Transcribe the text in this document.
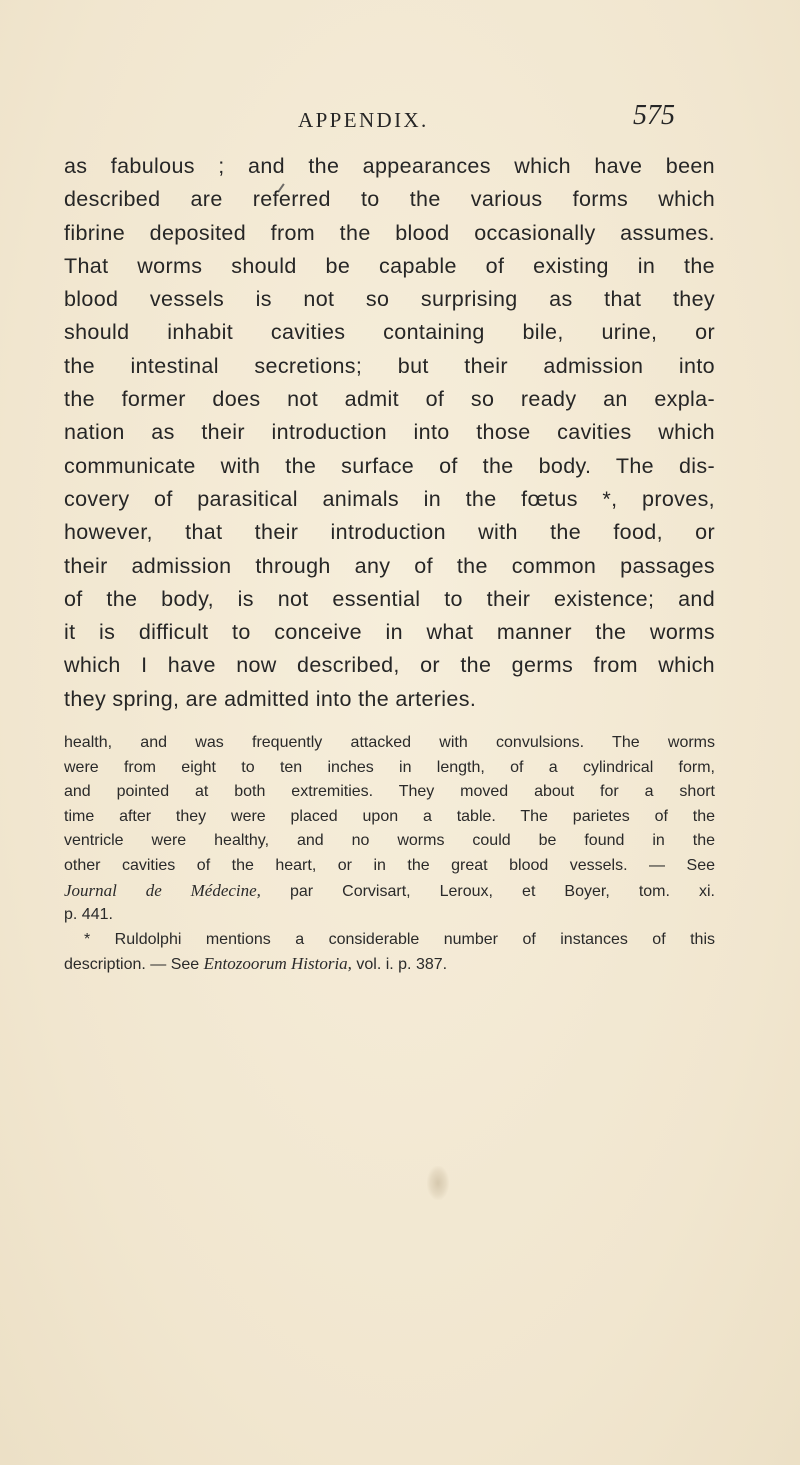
APPENDIX.	575
as fabulous ; and the appearances which have been
described are referred to the various forms which
fibrine deposited from the blood occasionally assumes.
That worms should be capable of existing in the
blood vessels is not so surprising as that they
should inhabit cavities containing bile, urine, or
the intestinal secretions; but their admission into
the former does not admit of so ready an expla-
nation as their introduction into those cavities which
communicate with the surface of the body. The dis-
covery of parasitical animals in the fœtus *, proves,
however, that their introduction with the food, or
their admission through any of the common passages
of the body, is not essential to their existence; and
it is difficult to conceive in what manner the worms
which I have now described, or the germs from which
they spring, are admitted into the arteries.
health, and was frequently attacked with convulsions. The worms
were from eight to ten inches in length, of a cylindrical form,
and pointed at both extremities. They moved about for a short
time after they were placed upon a table. The parietes of the
ventricle were healthy, and no worms could be found in the
other cavities of the heart, or in the great blood vessels. — See
Journal de Médecine, par Corvisart, Leroux, et Boyer, tom. xi.
p. 441.
* Ruldolphi mentions a considerable number of instances of this
description. — See Entozoorum Historia, vol. i. p. 387.
